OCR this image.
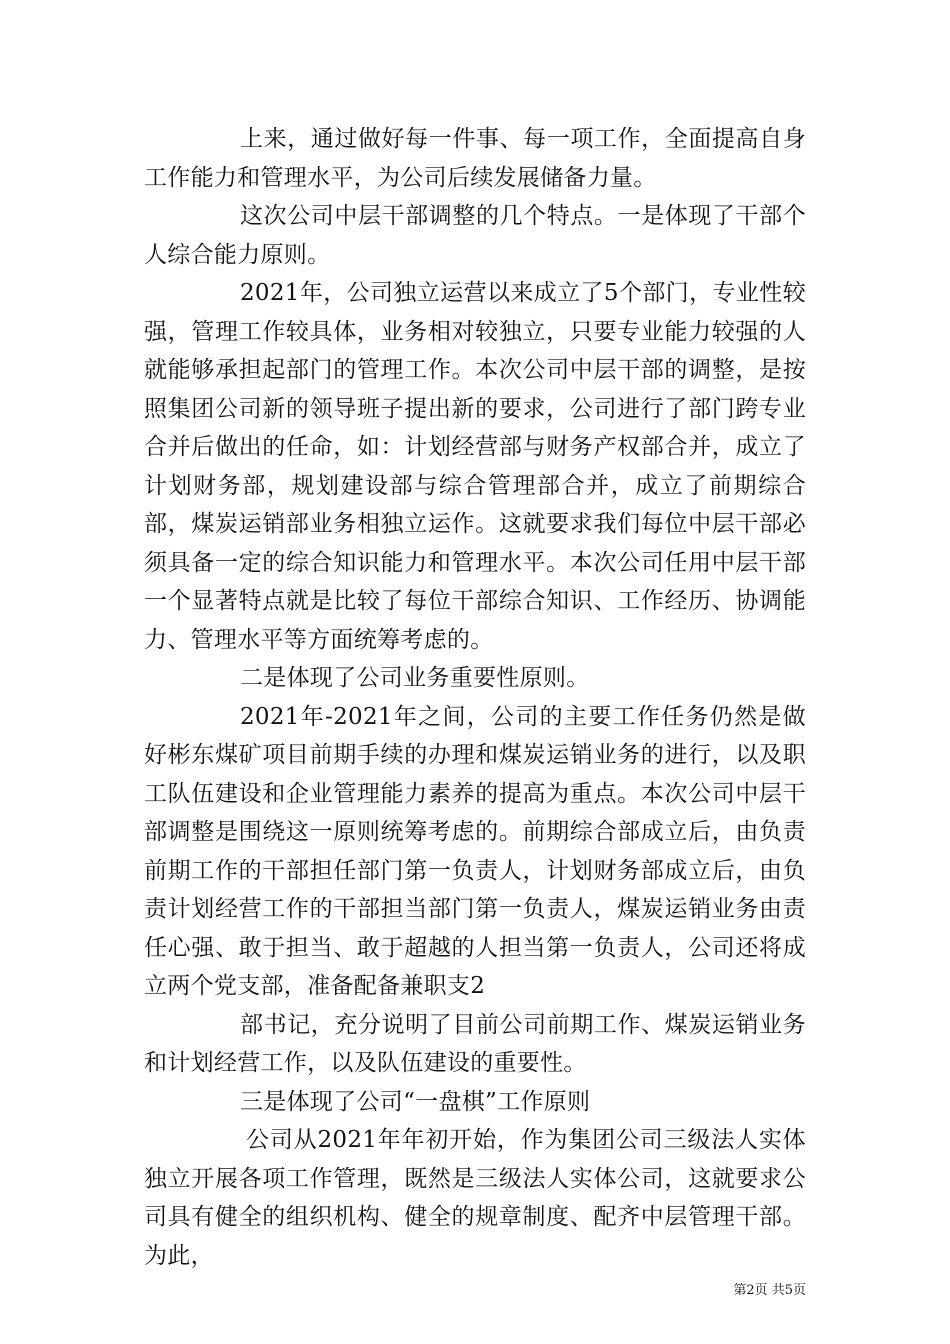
上来，通过做好每一件事、每一项工作，全面提高自身工作能力和管理水平，为公司后续发展储备力量。

这次公司中层干部调整的几个特点。一是体现了干部个人综合能力原则。

2021年，公司独立运营以来成立了5个部门，专业性较强，管理工作较具体，业务相对较独立，只要专业能力较强的人就能够承担起部门的管理工作。本次公司中层干部的调整，是按照集团公司新的领导班子提出新的要求，公司进行了部门跨专业合并后做出的任命，如：计划经营部与财务产权部合并，成立了计划财务部，规划建设部与综合管理部合并，成立了前期综合部，煤炭运销部业务相独立运作。这就要求我们每位中层干部必须具备一定的综合知识能力和管理水平。本次公司任用中层干部一个显著特点就是比较了每位干部综合知识、工作经历、协调能力、管理水平等方面统筹考虑的。

二是体现了公司业务重要性原则。

2021年-2021年之间，公司的主要工作任务仍然是做好彬东煤矿项目前期手续的办理和煤炭运销业务的进行，以及职工队伍建设和企业管理能力素养的提高为重点。本次公司中层干部调整是围绕这一原则统筹考虑的。前期综合部成立后，由负责前期工作的干部担任部门第一负责人，计划财务部成立后，由负责计划经营工作的干部担当部门第一负责人，煤炭运销业务由责任心强、敢于担当、敢于超越的人担当第一负责人，公司还将成立两个党支部，准备配备兼职支2

部书记，充分说明了目前公司前期工作、煤炭运销业务和计划经营工作，以及队伍建设的重要性。

三是体现了公司“一盘棋”工作原则

公司从2021年年初开始，作为集团公司三级法人实体独立开展各项工作管理，既然是三级法人实体公司，这就要求公司具有健全的组织机构、健全的规章制度、配齐中层管理干部。为此，

第2页 共5页
